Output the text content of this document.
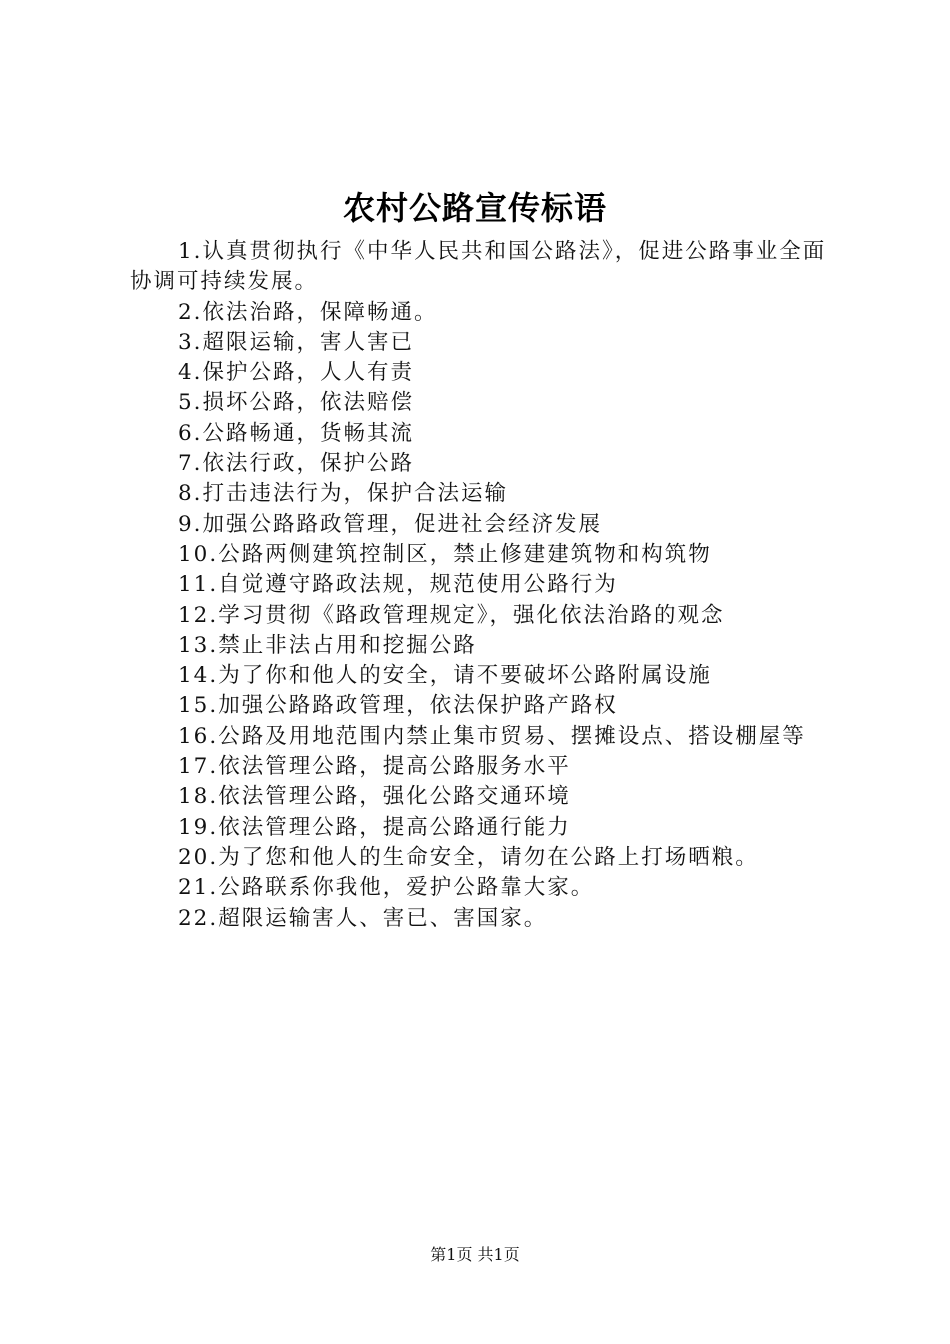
农村公路宣传标语

1.认真贯彻执行《中华人民共和国公路法》，促进公路事业全面协调可持续发展。

2.依法治路，保障畅通。

3.超限运输，害人害已

4.保护公路，人人有责

5.损坏公路，依法赔偿

6.公路畅通，货畅其流

7.依法行政，保护公路

8.打击违法行为，保护合法运输

9.加强公路路政管理，促进社会经济发展

10.公路两侧建筑控制区，禁止修建建筑物和构筑物

11.自觉遵守路政法规，规范使用公路行为

12.学习贯彻《路政管理规定》，强化依法治路的观念

13.禁止非法占用和挖掘公路

14.为了你和他人的安全，请不要破坏公路附属设施

15.加强公路路政管理，依法保护路产路权

16.公路及用地范围内禁止集市贸易、摆摊设点、搭设棚屋等

17.依法管理公路，提高公路服务水平

18.依法管理公路，强化公路交通环境

19.依法管理公路，提高公路通行能力

20.为了您和他人的生命安全，请勿在公路上打场晒粮。

21.公路联系你我他，爱护公路靠大家。

22.超限运输害人、害已、害国家。

第1页 共1页
